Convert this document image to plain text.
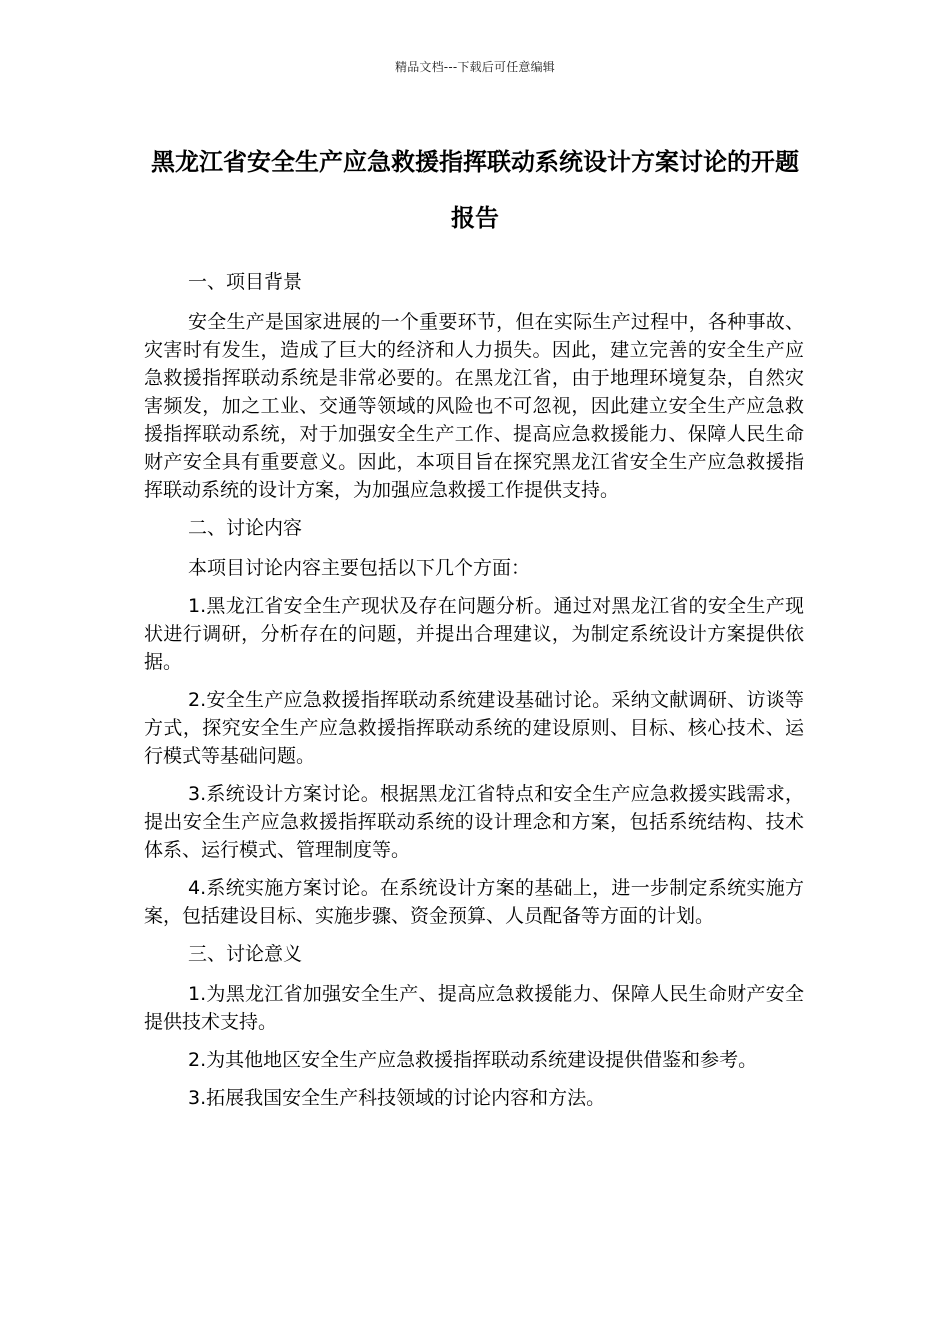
精品文档---下载后可任意编辑
黑龙江省安全生产应急救援指挥联动系统设计方案讨论的开题报告

一、项目背景

安全生产是国家进展的一个重要环节，但在实际生产过程中，各种事故、灾害时有发生，造成了巨大的经济和人力损失。因此，建立完善的安全生产应急救援指挥联动系统是非常必要的。在黑龙江省，由于地理环境复杂，自然灾害频发，加之工业、交通等领域的风险也不可忽视，因此建立安全生产应急救援指挥联动系统，对于加强安全生产工作、提高应急救援能力、保障人民生命财产安全具有重要意义。因此，本项目旨在探究黑龙江省安全生产应急救援指挥联动系统的设计方案，为加强应急救援工作提供支持。

二、讨论内容

本项目讨论内容主要包括以下几个方面：

1.黑龙江省安全生产现状及存在问题分析。通过对黑龙江省的安全生产现状进行调研，分析存在的问题，并提出合理建议，为制定系统设计方案提供依据。

2.安全生产应急救援指挥联动系统建设基础讨论。采纳文献调研、访谈等方式，探究安全生产应急救援指挥联动系统的建设原则、目标、核心技术、运行模式等基础问题。

3.系统设计方案讨论。根据黑龙江省特点和安全生产应急救援实践需求，提出安全生产应急救援指挥联动系统的设计理念和方案，包括系统结构、技术体系、运行模式、管理制度等。

4.系统实施方案讨论。在系统设计方案的基础上，进一步制定系统实施方案，包括建设目标、实施步骤、资金预算、人员配备等方面的计划。

三、讨论意义

1.为黑龙江省加强安全生产、提高应急救援能力、保障人民生命财产安全提供技术支持。

2.为其他地区安全生产应急救援指挥联动系统建设提供借鉴和参考。

3.拓展我国安全生产科技领域的讨论内容和方法。
